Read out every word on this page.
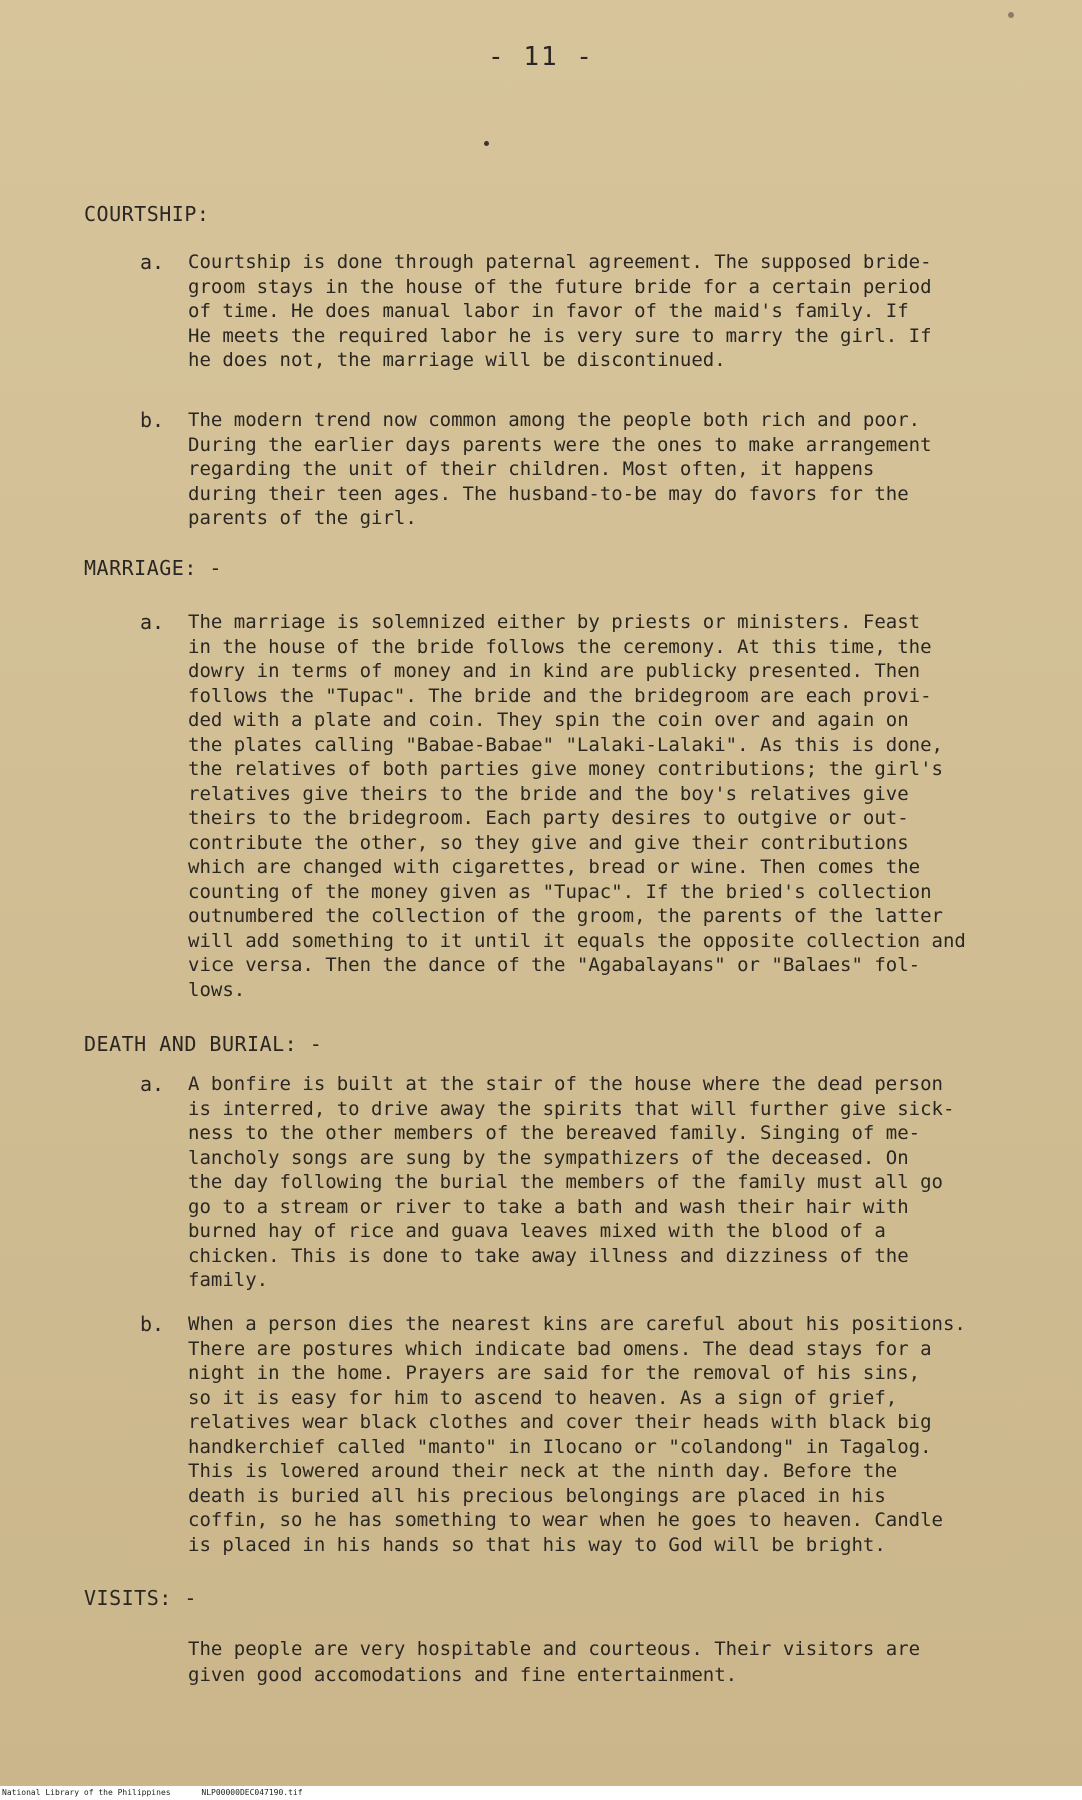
- 11 -
COURTSHIP:
a. Courtship is done through paternal agreement. The supposed bride-
groom stays in the house of the future bride for a certain period
of time. He does manual labor in favor of the maid's family. If
He meets the required labor he is very sure to marry the girl. If
he does not, the marriage will be discontinued.

b. The modern trend now common among the people both rich and poor.
During the earlier days parents were the ones to make arrangement
regarding the unit of their children. Most often, it happens
during their teen ages. The husband-to-be may do favors for the
parents of the girl.

MARRIAGE: -
a. The marriage is solemnized either by priests or ministers. Feast
in the house of the bride follows the ceremony. At this time, the
dowry in terms of money and in kind are publicky presented. Then
follows the "Tupac". The bride and the bridegroom are each provi-
ded with a plate and coin. They spin the coin over and again on
the plates calling "Babae-Babae" "Lalaki-Lalaki". As this is done,
the relatives of both parties give money contributions; the girl's
relatives give theirs to the bride and the boy's relatives give
theirs to the bridegroom. Each party desires to outgive or out-
contribute the other, so they give and give their contributions
which are changed with cigarettes, bread or wine. Then comes the
counting of the money given as "Tupac". If the bried's collection
outnumbered the collection of the groom, the parents of the latter
will add something to it until it equals the opposite collection and
vice versa. Then the dance of the "Agabalayans" or "Balaes" fol-
lows.

DEATH AND BURIAL: -
a. A bonfire is built at the stair of the house where the dead person
is interred, to drive away the spirits that will further give sick-
ness to the other members of the bereaved family. Singing of me-
lancholy songs are sung by the sympathizers of the deceased. On
the day following the burial the members of the family must all go
go to a stream or river to take a bath and wash their hair with
burned hay of rice and guava leaves mixed with the blood of a
chicken. This is done to take away illness and dizziness of the
family.

b. When a person dies the nearest kins are careful about his positions.
There are postures which indicate bad omens. The dead stays for a
night in the home. Prayers are said for the removal of his sins,
so it is easy for him to ascend to heaven. As a sign of grief,
relatives wear black clothes and cover their heads with black big
handkerchief called "manto" in Ilocano or "colandong" in Tagalog.
This is lowered around their neck at the ninth day. Before the
death is buried all his precious belongings are placed in his
coffin, so he has something to wear when he goes to heaven. Candle
is placed in his hands so that his way to God will be bright.

VISITS: -
The people are very hospitable and courteous. Their visitors are
given good accomodations and fine entertainment.
National Library of the Philippines	NLP00000DEC047190.tif
